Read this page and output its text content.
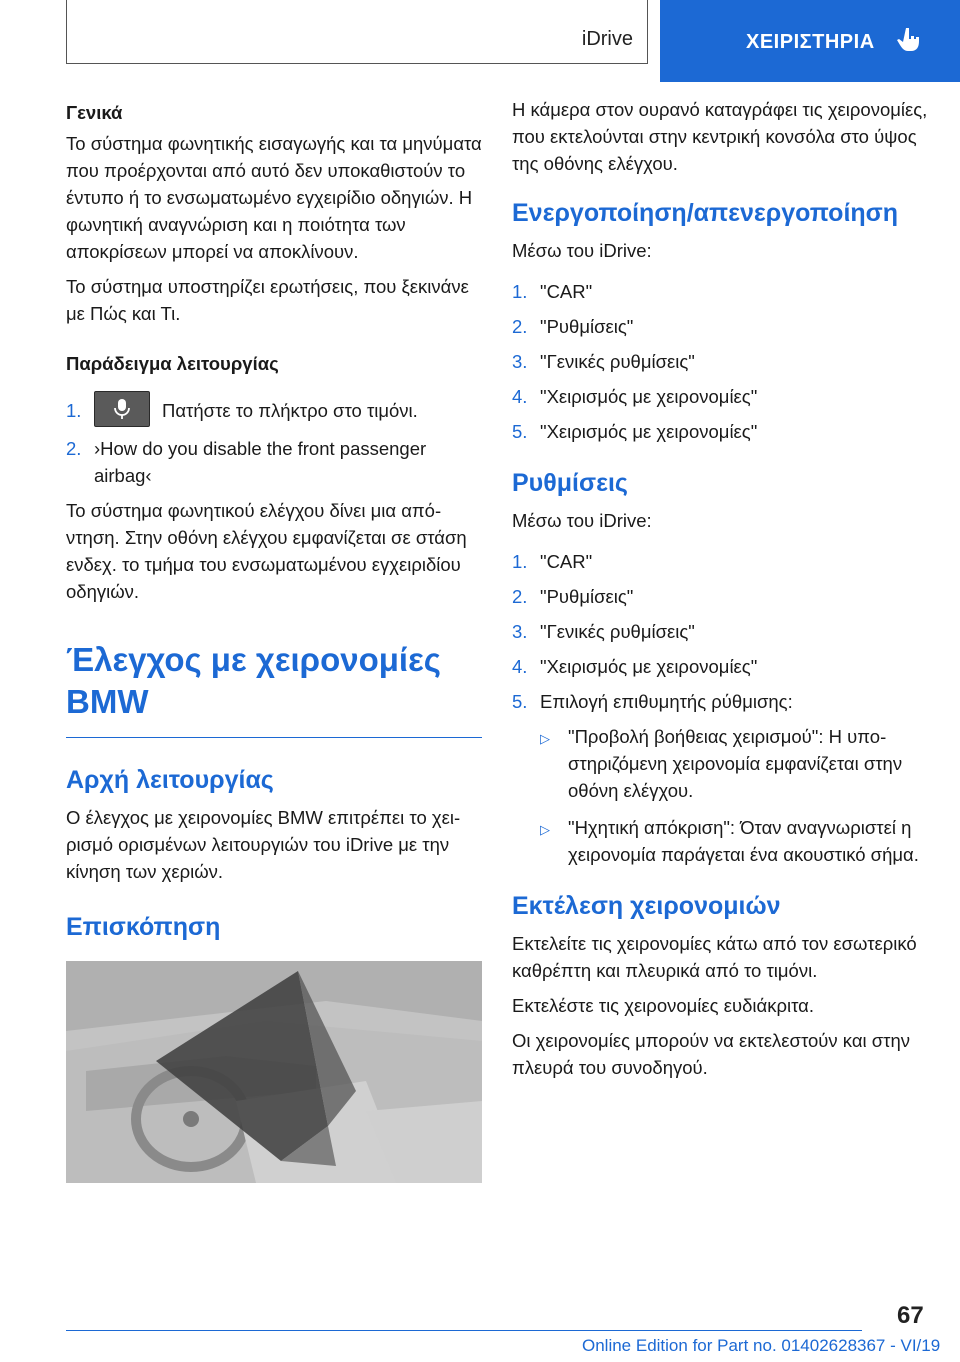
iDrive	ΧΕΙΡΙΣΤΗΡΙΑ
Γενικά

Το σύστημα φωνητικής εισαγωγής και τα μηνύματα που προέρχονται από αυτό δεν υποκαθιστούν το έντυπο ή το ενσωματωμένο εγχειρίδιο οδηγιών. Η φωνητική αναγνώριση και η ποιότητα των αποκρίσεων μπορεί να αποκλίνουν.

Το σύστημα υποστηρίζει ερωτήσεις, που ξεκινάνε με Πώς και Τι.

Παράδειγμα λειτουργίας
1.	Πατήστε το πλήκτρο στο τιμόνι.
2. ›How do you disable the front passenger airbag‹

Το σύστημα φωνητικού ελέγχου δίνει μια απόντηση. Στην οθόνη ελέγχου εμφανίζεται σε στάση ενδεχ. το τμήμα του ενσωματωμένου εγχειριδίου οδηγιών.

Έλεγχος με χειρονομίες BMW
Αρχή λειτουργίας

Ο έλεγχος με χειρονομίες BMW επιτρέπει το χειρισμό ορισμένων λειτουργιών του iDrive με την κίνηση των χεριών.

Επισκόπηση

Η κάμερα στον ουρανό καταγράφει τις χειρονομίες, που εκτελούνται στην κεντρική κονσόλα στο ύψος της οθόνης ελέγχου.

Ενεργοποίηση/απενεργοποίηση

Μέσω του iDrive:

1. "CAR"
2. "Ρυθμίσεις"
3. "Γενικές ρυθμίσεις"
4. "Χειρισμός με χειρονομίες"
5. "Χειρισμός με χειρονομίες"
Ρυθμίσεις

Μέσω του iDrive:

1. "CAR"
2. "Ρυθμίσεις"
3. "Γενικές ρυθμίσεις"
4. "Χειρισμός με χειρονομίες"
5. Επιλογή επιθυμητής ρύθμισης:
▷ "Προβολή βοήθειας χειρισμού": Η υποστηριζόμενη χειρονομία εμφανίζεται στην οθόνη ελέγχου.
▷ "Ηχητική απόκριση": Όταν αναγνωριστεί η χειρονομία παράγεται ένα ακουστικό σήμα.
Εκτέλεση χειρονομιών

Εκτελείτε τις χειρονομίες κάτω από τον εσωτερικό καθρέπτη και πλευρικά από το τιμόνι.

Εκτελέστε τις χειρονομίες ευδιάκριτα.

Οι χειρονομίες μπορούν να εκτελεστούν και στην πλευρά του συνοδηγού.

67
Online Edition for Part no. 01402628367 - VI/19
